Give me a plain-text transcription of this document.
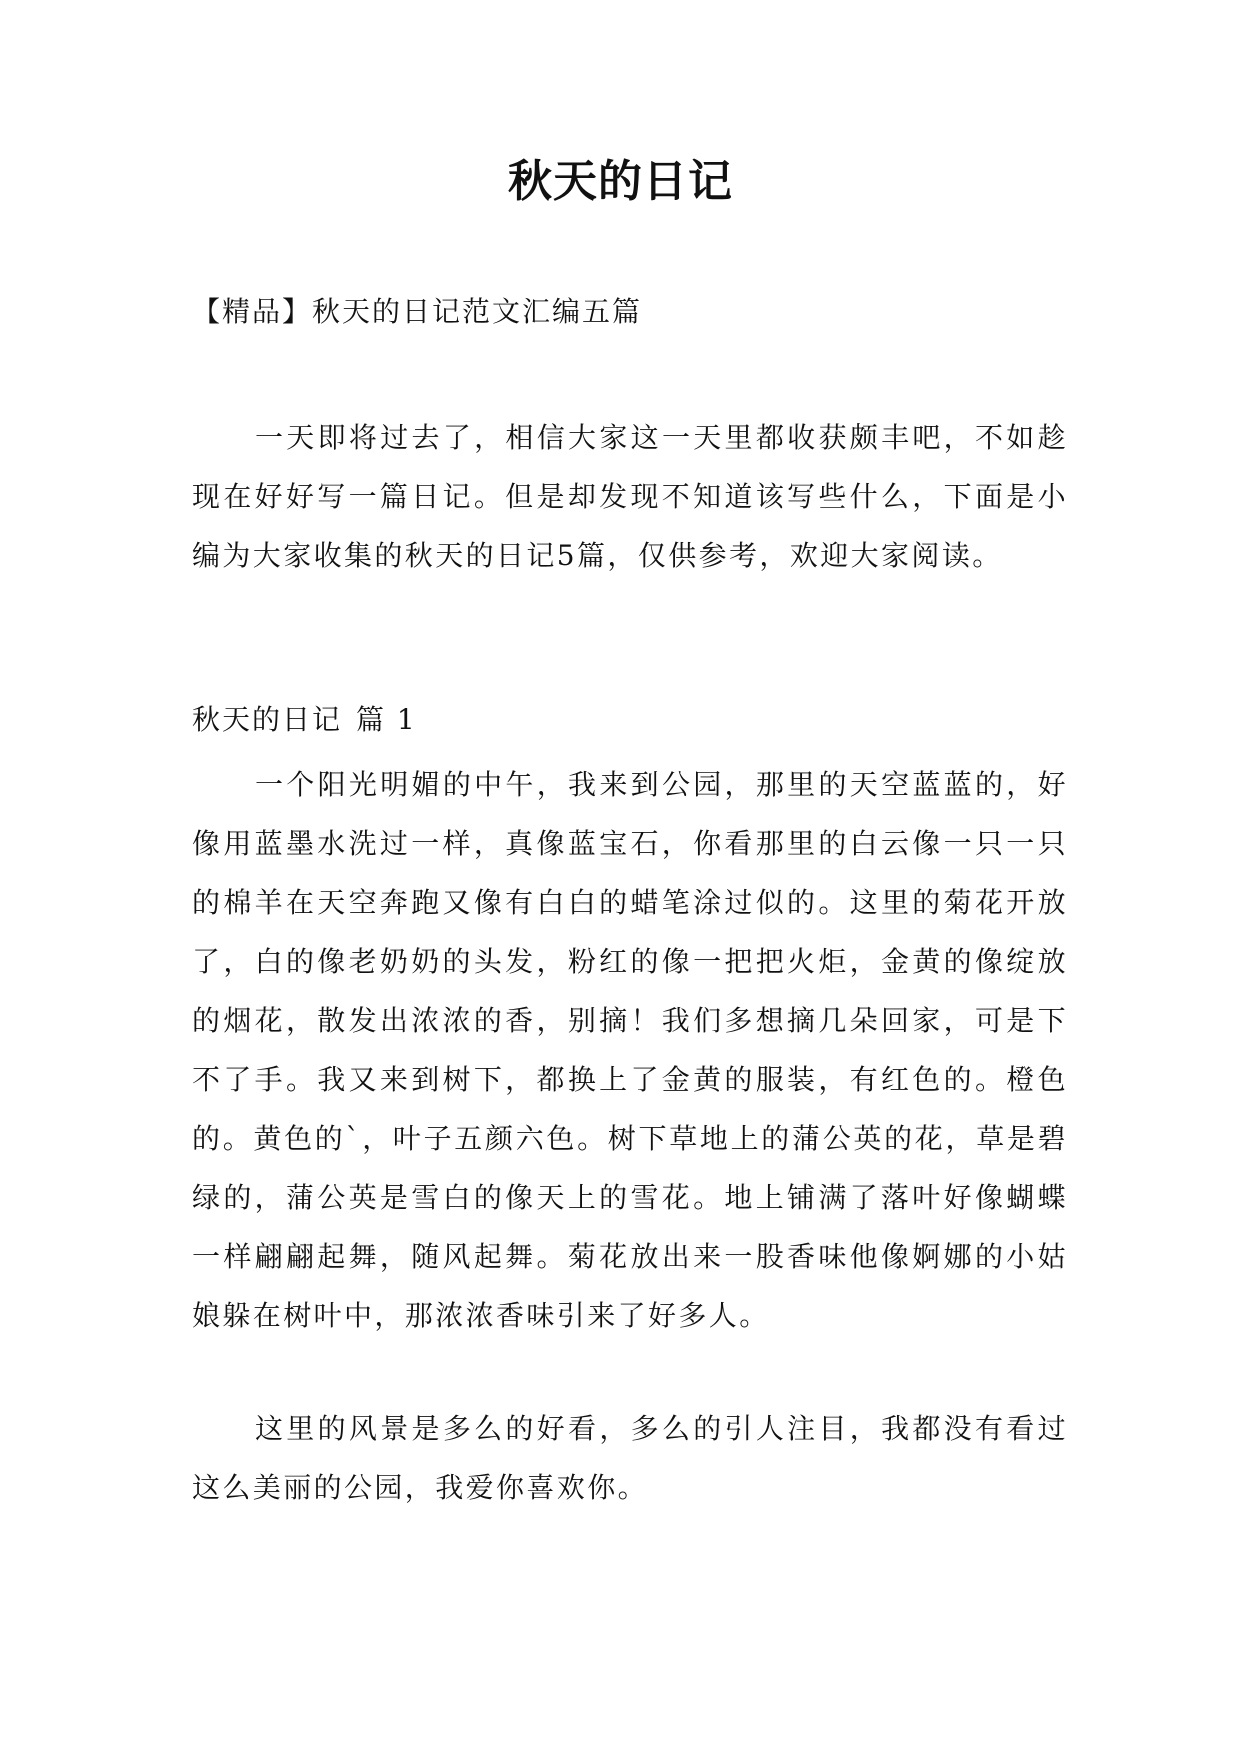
秋天的日记

【精品】秋天的日记范文汇编五篇

一天即将过去了，相信大家这一天里都收获颇丰吧，不如趁现在好好写一篇日记。但是却发现不知道该写些什么，下面是小编为大家收集的秋天的日记5篇，仅供参考，欢迎大家阅读。

秋天的日记 篇 1

一个阳光明媚的中午，我来到公园，那里的天空蓝蓝的，好像用蓝墨水洗过一样，真像蓝宝石，你看那里的白云像一只一只的棉羊在天空奔跑又像有白白的蜡笔涂过似的。这里的菊花开放了，白的像老奶奶的头发，粉红的像一把把火炬，金黄的像绽放的烟花，散发出浓浓的香，别摘！我们多想摘几朵回家，可是下不了手。我又来到树下，都换上了金黄的服装，有红色的。橙色的。黄色的`，叶子五颜六色。树下草地上的蒲公英的花，草是碧绿的，蒲公英是雪白的像天上的雪花。地上铺满了落叶好像蝴蝶一样翩翩起舞，随风起舞。菊花放出来一股香味他像婀娜的小姑娘躲在树叶中，那浓浓香味引来了好多人。

这里的风景是多么的好看，多么的引人注目，我都没有看过这么美丽的公园，我爱你喜欢你。
